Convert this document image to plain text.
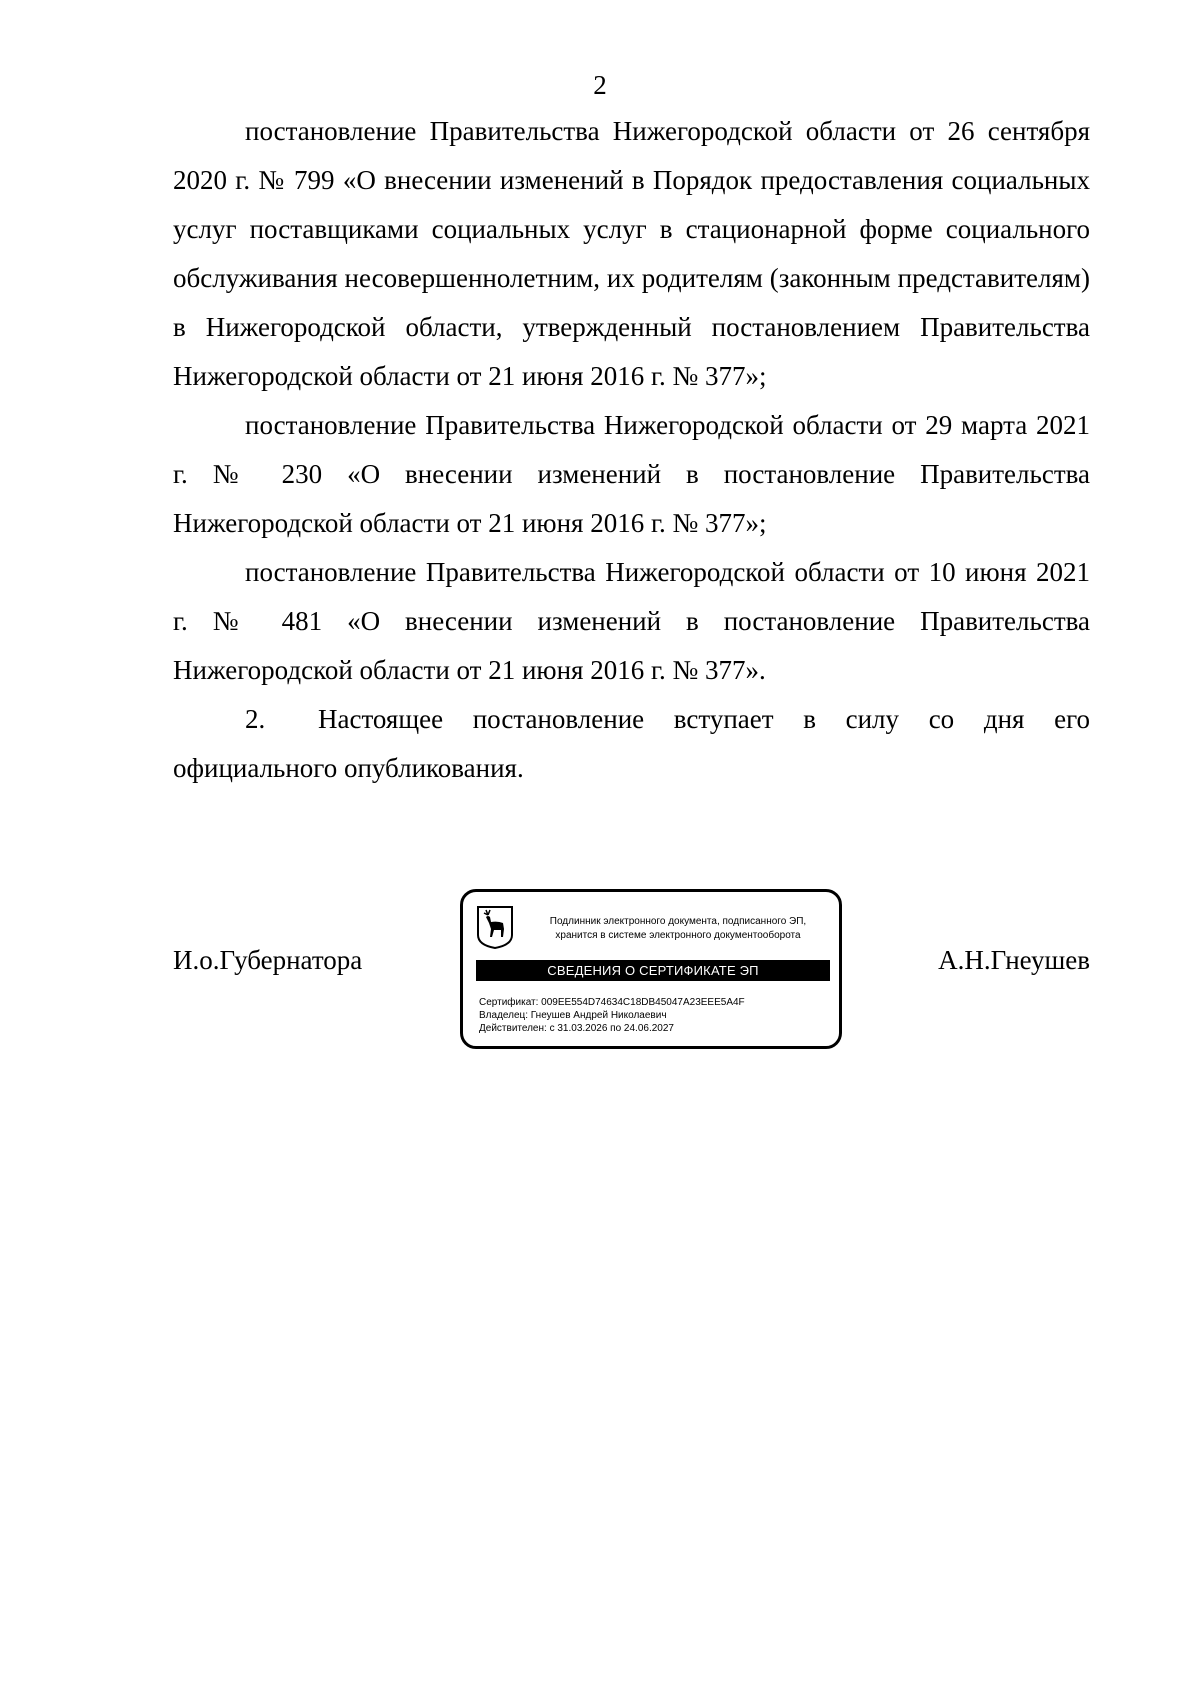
2

постановление Правительства Нижегородской области от 26 сентября 2020 г. № 799 «О внесении изменений в Порядок предоставления социальных услуг поставщиками социальных услуг в стационарной форме социального обслуживания несовершеннолетним, их родителям (законным представителям) в Нижегородской области, утвержденный постановлением Правительства Нижегородской области от 21 июня 2016 г. № 377»;

постановление Правительства Нижегородской области от 29 марта 2021 г. № 230 «О внесении изменений в постановление Правительства Нижегородской области от 21 июня 2016 г. № 377»;

постановление Правительства Нижегородской области от 10 июня 2021 г. № 481 «О внесении изменений в постановление Правительства Нижегородской области от 21 июня 2016 г. № 377».

2. Настоящее постановление вступает в силу со дня его официального опубликования.

И.о.Губернатора
Подлинник электронного документа, подписанного ЭП,
хранится в системе электронного документооборота
СВЕДЕНИЯ О СЕРТИФИКАТЕ ЭП
Сертификат: 009EE554D74634C18DB45047A23EEE5A4F
Владелец: Гнеушев Андрей Николаевич
Действителен: с 31.03.2026 по 24.06.2027
А.Н.Гнеушев
